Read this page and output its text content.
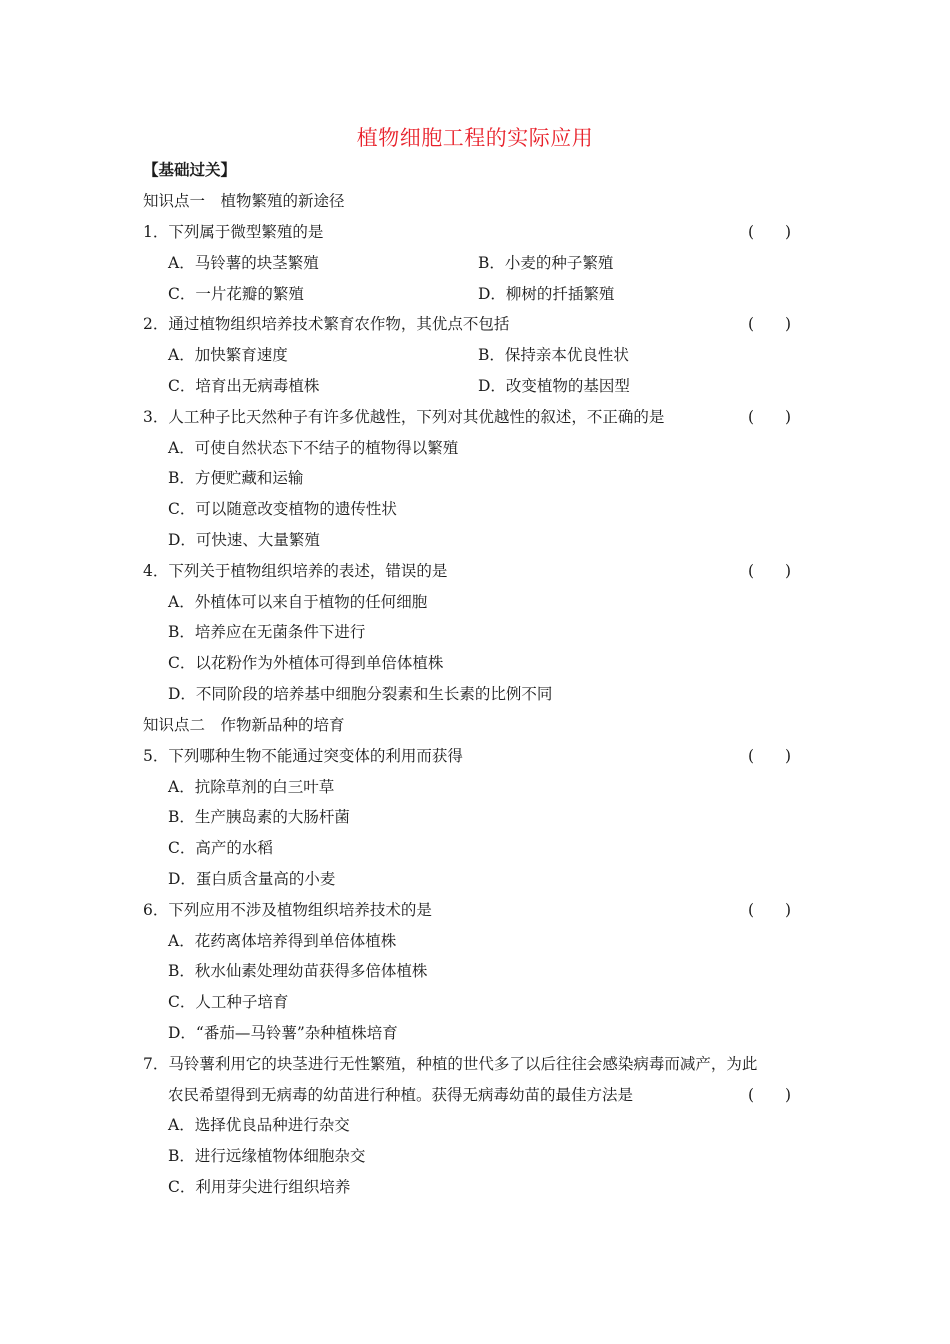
植物细胞工程的实际应用
【基础过关】
知识点一　植物繁殖的新途径
1．下列属于微型繁殖的是	(　　)
A．马铃薯的块茎繁殖	B．小麦的种子繁殖
C．一片花瓣的繁殖	D．柳树的扦插繁殖
2．通过植物组织培养技术繁育农作物，其优点不包括	(　　)
A．加快繁育速度	B．保持亲本优良性状
C．培育出无病毒植株	D．改变植物的基因型
3．人工种子比天然种子有许多优越性，下列对其优越性的叙述，不正确的是	(　　)
A．可使自然状态下不结子的植物得以繁殖
B．方便贮藏和运输
C．可以随意改变植物的遗传性状
D．可快速、大量繁殖
4．下列关于植物组织培养的表述，错误的是	(　　)
A．外植体可以来自于植物的任何细胞
B．培养应在无菌条件下进行
C．以花粉作为外植体可得到单倍体植株
D．不同阶段的培养基中细胞分裂素和生长素的比例不同
知识点二　作物新品种的培育
5．下列哪种生物不能通过突变体的利用而获得	(　　)
A．抗除草剂的白三叶草
B．生产胰岛素的大肠杆菌
C．高产的水稻
D．蛋白质含量高的小麦
6．下列应用不涉及植物组织培养技术的是	(　　)
A．花药离体培养得到单倍体植株
B．秋水仙素处理幼苗获得多倍体植株
C．人工种子培育
D．“番茄—马铃薯”杂种植株培育
7．马铃薯利用它的块茎进行无性繁殖，种植的世代多了以后往往会感染病毒而减产，为此
农民希望得到无病毒的幼苗进行种植。获得无病毒幼苗的最佳方法是	(　　)
A．选择优良品种进行杂交
B．进行远缘植物体细胞杂交
C．利用芽尖进行组织培养
